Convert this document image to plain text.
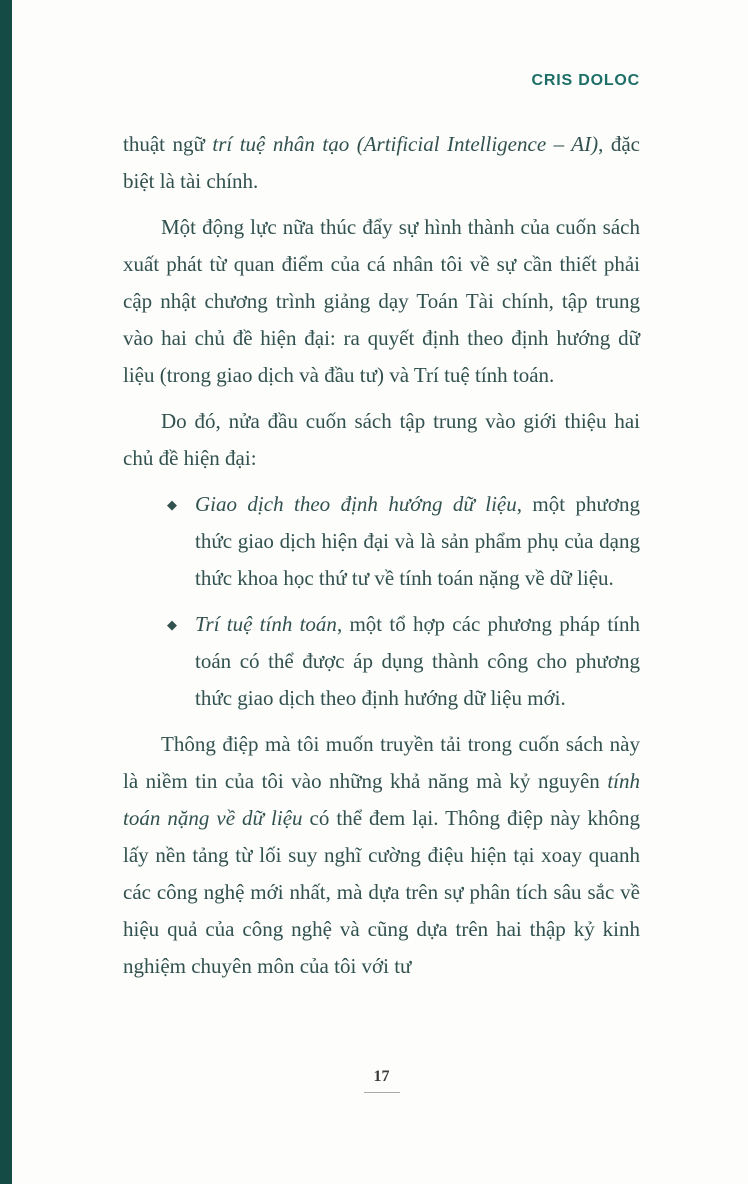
CRIS DOLOC

thuật ngữ trí tuệ nhân tạo (Artificial Intelligence – AI), đặc biệt là tài chính.

Một động lực nữa thúc đẩy sự hình thành của cuốn sách xuất phát từ quan điểm của cá nhân tôi về sự cần thiết phải cập nhật chương trình giảng dạy Toán Tài chính, tập trung vào hai chủ đề hiện đại: ra quyết định theo định hướng dữ liệu (trong giao dịch và đầu tư) và Trí tuệ tính toán.

Do đó, nửa đầu cuốn sách tập trung vào giới thiệu hai chủ đề hiện đại:

◆ Giao dịch theo định hướng dữ liệu, một phương thức giao dịch hiện đại và là sản phẩm phụ của dạng thức khoa học thứ tư về tính toán nặng về dữ liệu.
◆ Trí tuệ tính toán, một tổ hợp các phương pháp tính toán có thể được áp dụng thành công cho phương thức giao dịch theo định hướng dữ liệu mới.

Thông điệp mà tôi muốn truyền tải trong cuốn sách này là niềm tin của tôi vào những khả năng mà kỷ nguyên tính toán nặng về dữ liệu có thể đem lại. Thông điệp này không lấy nền tảng từ lối suy nghĩ cường điệu hiện tại xoay quanh các công nghệ mới nhất, mà dựa trên sự phân tích sâu sắc về hiệu quả của công nghệ và cũng dựa trên hai thập kỷ kinh nghiệm chuyên môn của tôi với tư

17
